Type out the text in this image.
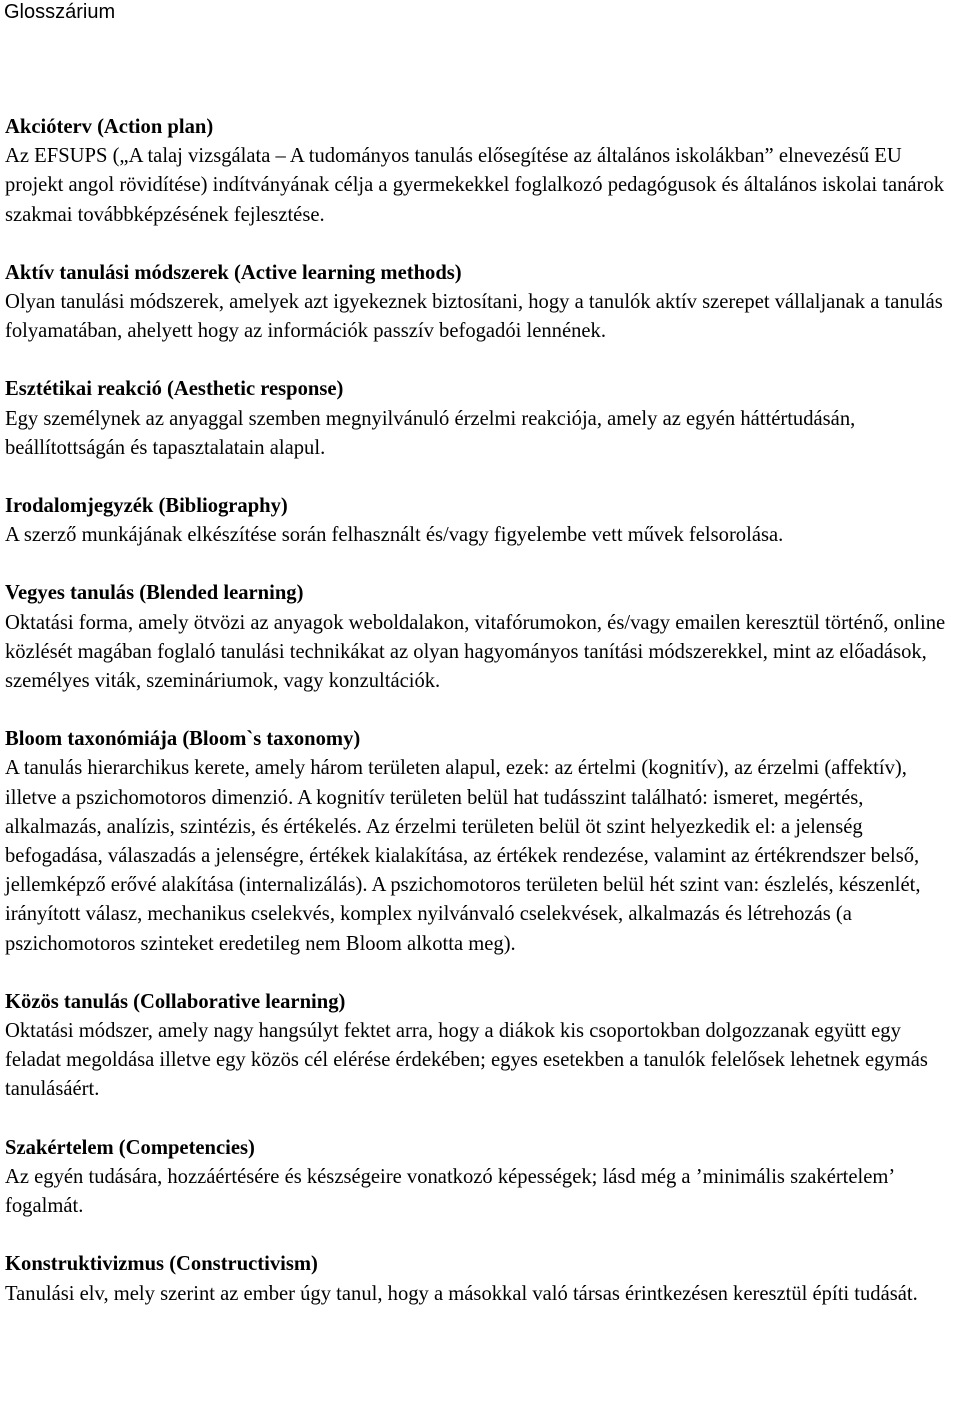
Glosszárium
Akcióterv (Action plan)
Az EFSUPS („A talaj vizsgálata – A tudományos tanulás elősegítése az általános iskolákban” elnevezésű EU projekt angol rövidítése) indítványának célja a gyermekekkel foglalkozó pedagógusok és általános iskolai tanárok szakmai továbbképzésének fejlesztése.
Aktív tanulási módszerek (Active learning methods)
Olyan tanulási módszerek, amelyek azt igyekeznek biztosítani, hogy a tanulók aktív szerepet vállaljanak a tanulás folyamatában, ahelyett hogy az információk passzív befogadói lennének.
Esztétikai reakció (Aesthetic response)
Egy személynek az anyaggal szemben megnyilvánuló érzelmi reakciója, amely az egyén háttértudásán, beállítottságán és tapasztalatain alapul.
Irodalomjegyzék (Bibliography)
A szerző munkájának elkészítése során felhasznált és/vagy figyelembe vett művek felsorolása.
Vegyes tanulás (Blended learning)
Oktatási forma, amely ötvözi az anyagok weboldalakon, vitafórumokon, és/vagy emailen keresztül történő, online közlését magában foglaló tanulási technikákat az olyan hagyományos tanítási módszerekkel, mint az előadások, személyes viták, szemináriumok, vagy konzultációk.
Bloom taxonómiája (Bloom`s taxonomy)
A tanulás hierarchikus kerete, amely három területen alapul, ezek: az értelmi (kognitív), az érzelmi (affektív), illetve a pszichomotoros dimenzió. A kognitív területen belül hat tudásszint található: ismeret, megértés, alkalmazás, analízis, szintézis, és értékelés. Az érzelmi területen belül öt szint helyezkedik el: a jelenség befogadása, válaszadás a jelenségre, értékek kialakítása, az értékek rendezése, valamint az értékrendszer belső, jellemképző erővé alakítása (internalizálás). A pszichomotoros területen belül hét szint van: észlelés, készenlét, irányított válasz, mechanikus cselekvés, komplex nyilvánvaló cselekvések, alkalmazás és létrehozás (a pszichomotoros szinteket eredetileg nem Bloom alkotta meg).
Közös tanulás (Collaborative learning)
Oktatási módszer, amely nagy hangsúlyt fektet arra, hogy a diákok kis csoportokban dolgozzanak együtt egy feladat megoldása illetve egy közös cél elérése érdekében; egyes esetekben a tanulók felelősek lehetnek egymás tanulásáért.
Szakértelem (Competencies)
Az egyén tudására, hozzáértésére és készségeire vonatkozó képességek; lásd még a ’minimális szakértelem’ fogalmát.
Konstruktivizmus (Constructivism)
Tanulási elv, mely szerint az ember úgy tanul, hogy a másokkal való társas érintkezésen keresztül építi tudását.
